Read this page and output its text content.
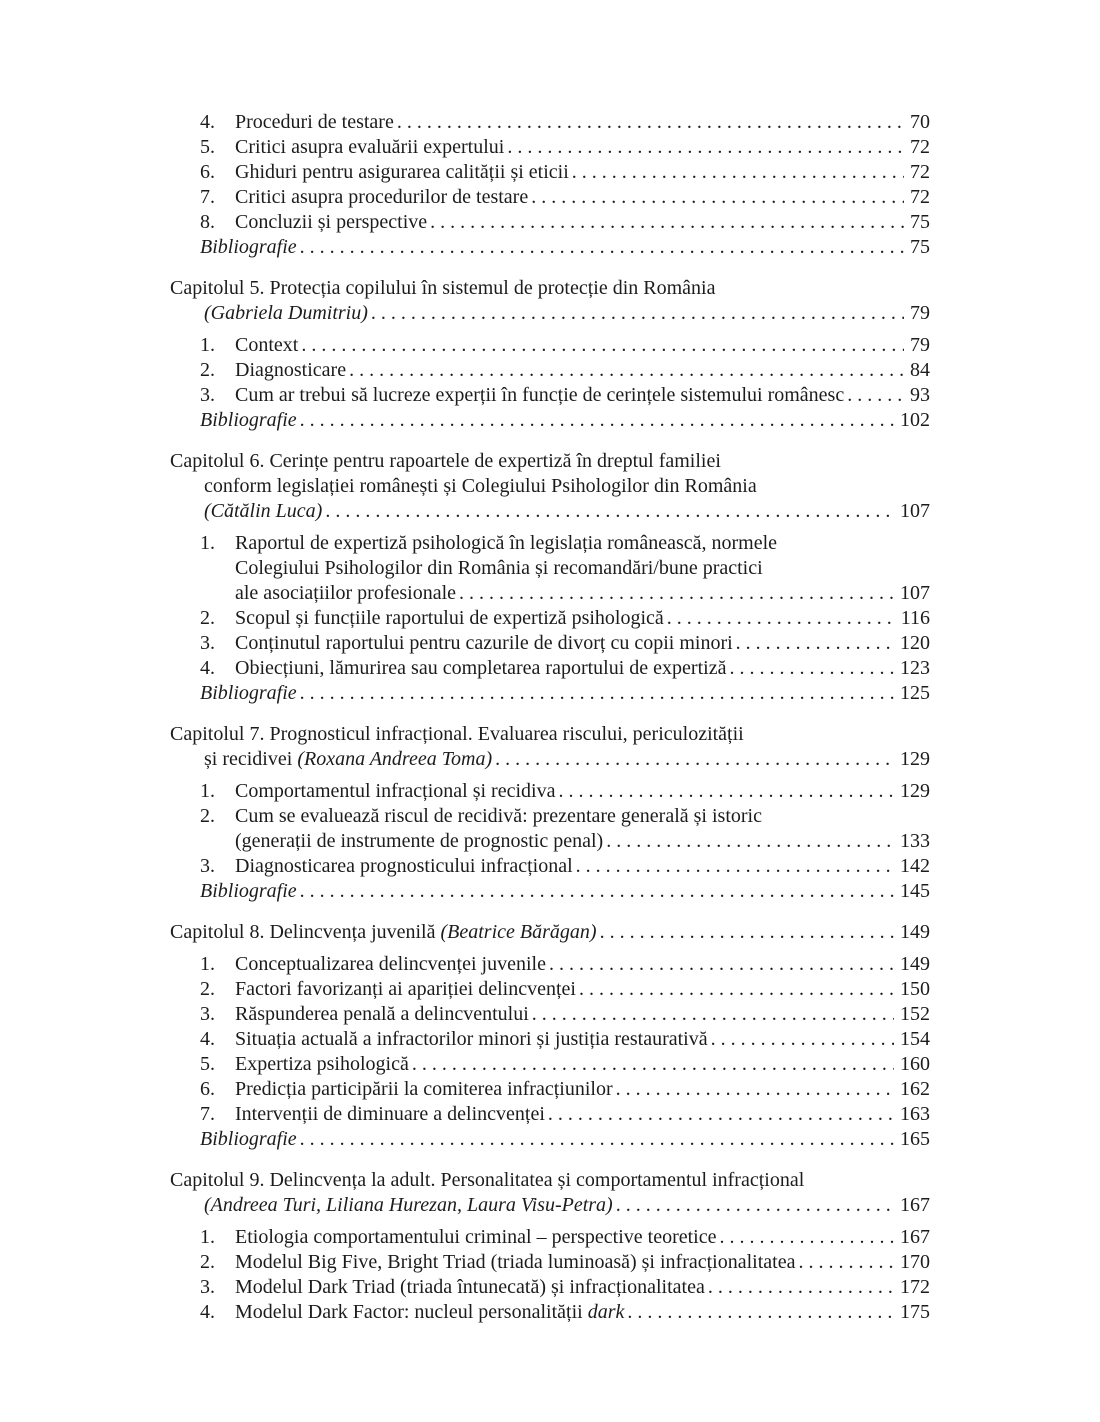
4.	Proceduri de testare . . .	70
5.	Critici asupra evaluării expertului . . .	72
6.	Ghiduri pentru asigurarea calității și eticii . . .	72
7.	Critici asupra procedurilor de testare . . .	72
8.	Concluzii și perspective . . .	75
Bibliografie . . .	75
Capitolul 5. Protecția copilului în sistemul de protecție din România
(Gabriela Dumitriu) . . .	79
1.	Context . . .	79
2.	Diagnosticare . . .	84
3.	Cum ar trebui să lucreze experții în funcție de cerințele sistemului românesc . . .	93
Bibliografie . . .	102
Capitolul 6. Cerințe pentru rapoartele de expertiză în dreptul familiei
conform legislației românești și Colegiului Psihologilor din România
(Cătălin Luca) . . .	107
1.	Raportul de expertiză psihologică în legislația românească, normele
Colegiului Psihologilor din România și recomandări/bune practici
ale asociațiilor profesionale . . .	107
2.	Scopul și funcțiile raportului de expertiză psihologică . . .	116
3.	Conținutul raportului pentru cazurile de divorț cu copii minori . . .	120
4.	Obiecțiuni, lămurirea sau completarea raportului de expertiză . . .	123
Bibliografie . . .	125
Capitolul 7. Prognosticul infracțional. Evaluarea riscului, periculozității
și recidivei (Roxana Andreea Toma) . . .	129
1.	Comportamentul infracțional și recidiva . . .	129
2.	Cum se evaluează riscul de recidivă: prezentare generală și istoric
(generații de instrumente de prognostic penal) . . .	133
3.	Diagnosticarea prognosticului infracțional . . .	142
Bibliografie . . .	145
Capitolul 8. Delincvența juvenilă (Beatrice Bărăgan) . . .	149
1.	Conceptualizarea delincvenței juvenile . . .	149
2.	Factori favorizanți ai apariției delincvenței . . .	150
3.	Răspunderea penală a delincventului . . .	152
4.	Situația actuală a infractorilor minori și justiția restaurativă . . .	154
5.	Expertiza psihologică . . .	160
6.	Predicția participării la comiterea infracțiunilor . . .	162
7.	Intervenții de diminuare a delincvenței . . .	163
Bibliografie . . .	165
Capitolul 9. Delincvența la adult. Personalitatea și comportamentul infracțional
(Andreea Turi, Liliana Hurezan, Laura Visu-Petra) . . .	167
1.	Etiologia comportamentului criminal – perspective teoretice . . .	167
2.	Modelul Big Five, Bright Triad (triada luminoasă) și infracționalitatea . . .	170
3.	Modelul Dark Triad (triada întunecată) și infracționalitatea . . .	172
4.	Modelul Dark Factor: nucleul personalității dark . . .	175
